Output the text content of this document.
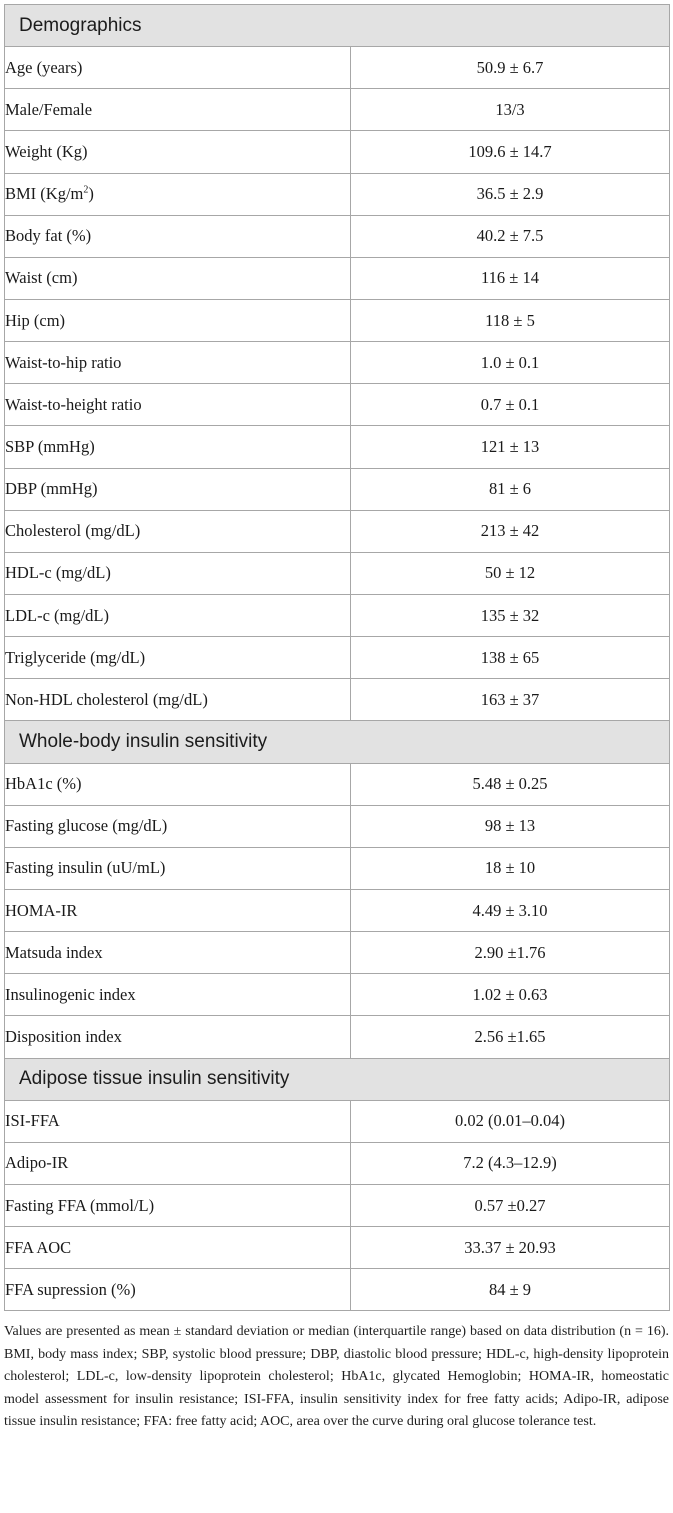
Demographics	
Age (years)	50.9 ± 6.7
Male/Female	13/3
Weight (Kg)	109.6 ± 14.7
BMI $(Kg/m^2)$	36.5 ± 2.9
Body fat (%)	40.2 ± 7.5
Waist (cm)	116 ± 14
Hip (cm)	118 ± 5
Waist-to-hip ratio	1.0 ± 0.1
Waist-to-height ratio	0.7 ± 0.1
SBP (mmHg)	121 ± 13
DBP (mmHg)	81 ± 6
Cholesterol (mg/dL)	213 ± 42
HDL-c (mg/dL)	50 ± 12
LDL-c (mg/dL)	135 ± 32
Triglyceride (mg/dL)	138 ± 65
Non-HDL cholesterol (mg/dL)	163 ± 37
Whole-body insulin sensitivity	
HbA1c (%)	5.48 ± 0.25
Fasting glucose (mg/dL)	98 ± 13
Fasting insulin (uU/mL)	18 ± 10
HOMA-IR	4.49 ± 3.10
Matsuda index	2.90 ±1.76
Insulinogenic index	1.02 ± 0.63
Disposition index	2.56 ±1.65
Adipose tissue insulin sensitivity	
ISI-FFA	0.02 (0.01–0.04)
Adipo-IR	7.2 (4.3–12.9)
Fasting FFA (mmol/L)	0.57 ±0.27
FFA AOC	33.37 ± 20.93
FFA supression (%)	84 ± 9

Values are presented as mean ± standard deviation or median (interquartile range) based on data distribution (n = 16). BMI, body mass index; SBP, systolic blood pressure; DBP, diastolic blood pressure; HDL-c, high-density lipoprotein cholesterol; LDL-c, low-density lipoprotein cholesterol; HbA1c, glycated Hemoglobin; HOMA-IR, homeostatic model assessment for insulin resistance; ISI-FFA, insulin sensitivity index for free fatty acids; Adipo-IR, adipose tissue insulin resistance; FFA: free fatty acid; AOC, area over the curve during oral glucose tolerance test.
